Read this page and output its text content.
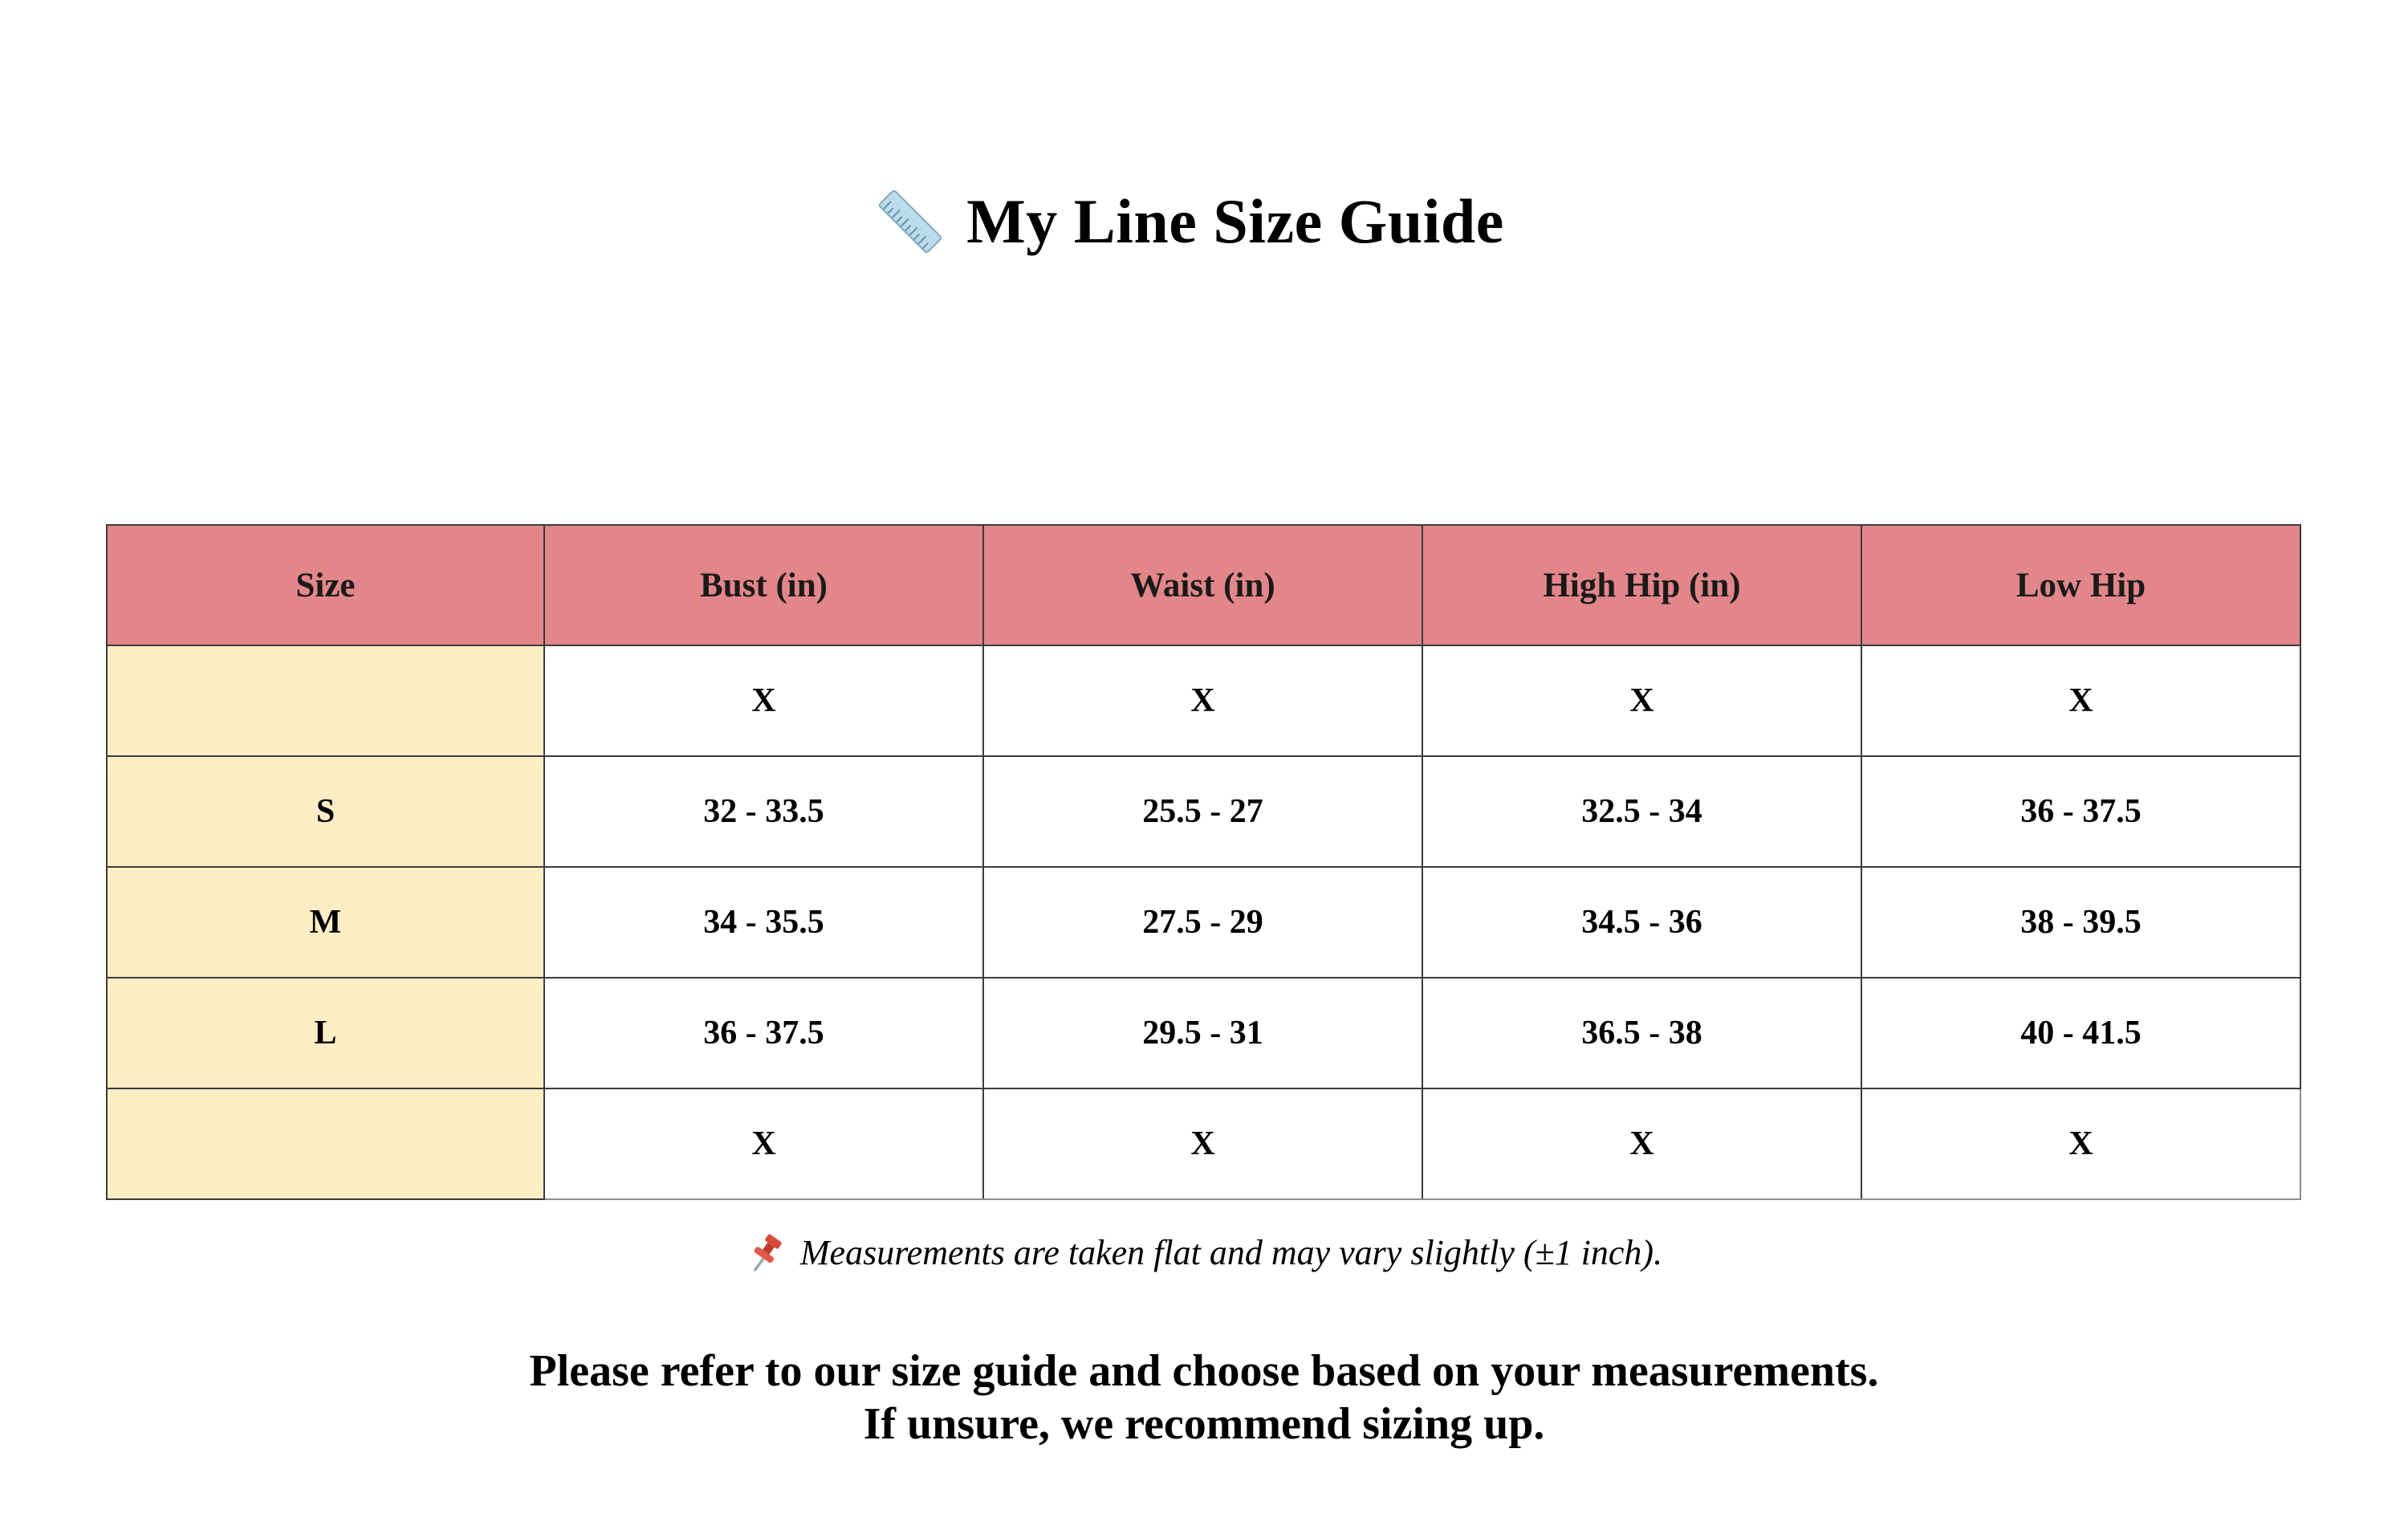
My Line Size Guide
Size	Bust (in)	Waist (in)	High Hip (in)	Low Hip
	X	X	X	X
S	32 - 33.5	25.5 - 27	32.5 - 34	36 - 37.5
M	34 - 35.5	27.5 - 29	34.5 - 36	38 - 39.5
L	36 - 37.5	29.5 - 31	36.5 - 38	40 - 41.5
	X	X	X	X
Measurements are taken flat and may vary slightly (±1 inch).
Please refer to our size guide and choose based on your measurements.
If unsure, we recommend sizing up.
